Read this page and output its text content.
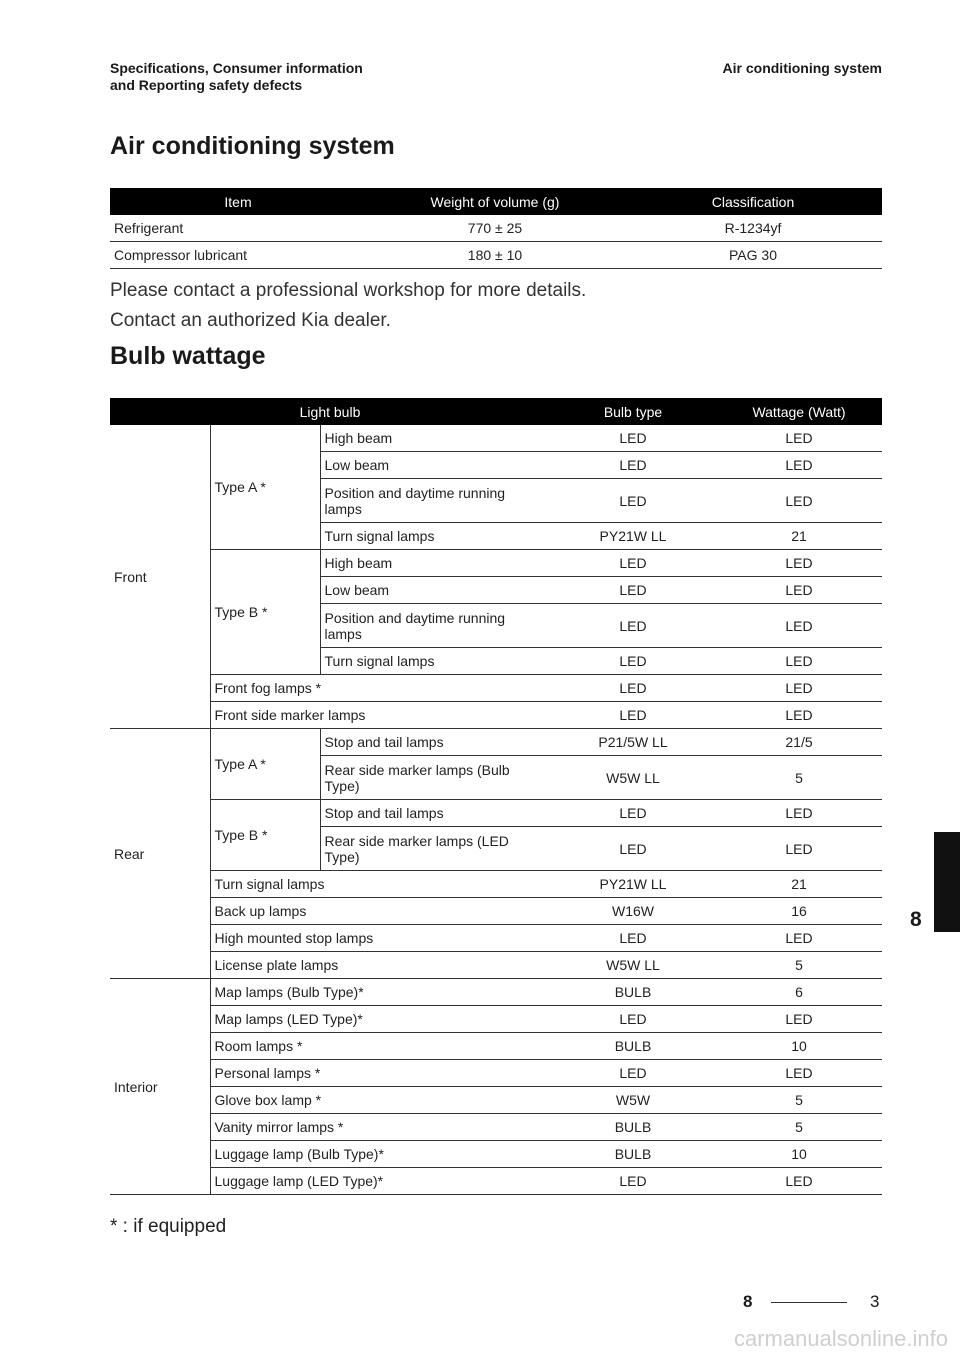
Specifications, Consumer information
and Reporting safety defects
Air conditioning system
Air conditioning system
Item	Weight of volume (g)	Classification
Refrigerant	770 ± 25	R-1234yf
Compressor lubricant	180 ± 10	PAG 30
Please contact a professional workshop for more details.
Contact an authorized Kia dealer.
Bulb wattage
Light bulb			Bulb type	Wattage (Watt)
Front	Type A *	High beam	LED	LED
		Low beam	LED	LED
		Position and daytime running lamps	LED	LED
		Turn signal lamps	PY21W LL	21
	Type B *	High beam	LED	LED
		Low beam	LED	LED
		Position and daytime running lamps	LED	LED
		Turn signal lamps	LED	LED
	Front fog lamps *		LED	LED
	Front side marker lamps		LED	LED
Rear	Type A *	Stop and tail lamps	P21/5W LL	21/5
		Rear side marker lamps (Bulb Type)	W5W LL	5
	Type B *	Stop and tail lamps	LED	LED
		Rear side marker lamps (LED Type)	LED	LED
	Turn signal lamps		PY21W LL	21
	Back up lamps		W16W	16
	High mounted stop lamps		LED	LED
	License plate lamps		W5W LL	5
Interior	Map lamps (Bulb Type)*		BULB	6
	Map lamps (LED Type)*		LED	LED
	Room lamps *		BULB	10
	Personal lamps *		LED	LED
	Glove box lamp *		W5W	5
	Vanity mirror lamps *		BULB	5
	Luggage lamp (Bulb Type)*		BULB	10
	Luggage lamp (LED Type)*		LED	LED
* : if equipped
8
8	3
carmanualsonline.info
